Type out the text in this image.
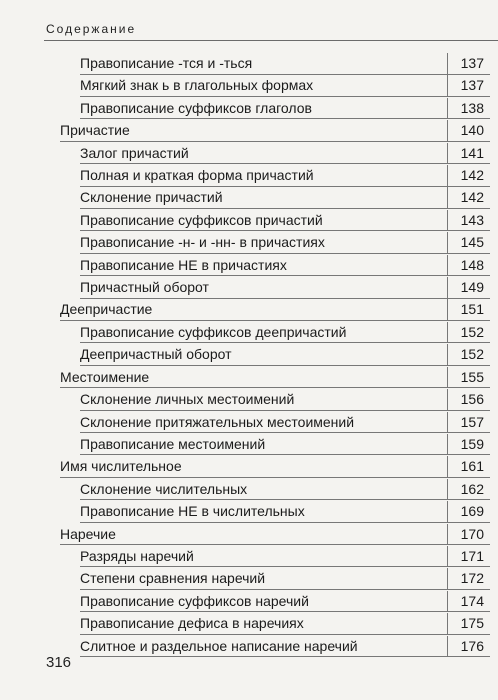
Содержание
Правописание -тся и -ться	137
Мягкий знак ь в глагольных формах	137
Правописание суффиксов глаголов	138
Причастие	140
Залог причастий	141
Полная и краткая форма причастий	142
Склонение причастий	142
Правописание суффиксов причастий	143
Правописание -н- и -нн- в причастиях	145
Правописание НЕ в причастиях	148
Причастный оборот	149
Деепричастие	151
Правописание суффиксов деепричастий	152
Деепричастный оборот	152
Местоимение	155
Склонение личных местоимений	156
Склонение притяжательных местоимений	157
Правописание местоимений	159
Имя числительное	161
Склонение числительных	162
Правописание НЕ в числительных	169
Наречие	170
Разряды наречий	171
Степени сравнения наречий	172
Правописание суффиксов наречий	174
Правописание дефиса в наречиях	175
Слитное и раздельное написание наречий	176
316
